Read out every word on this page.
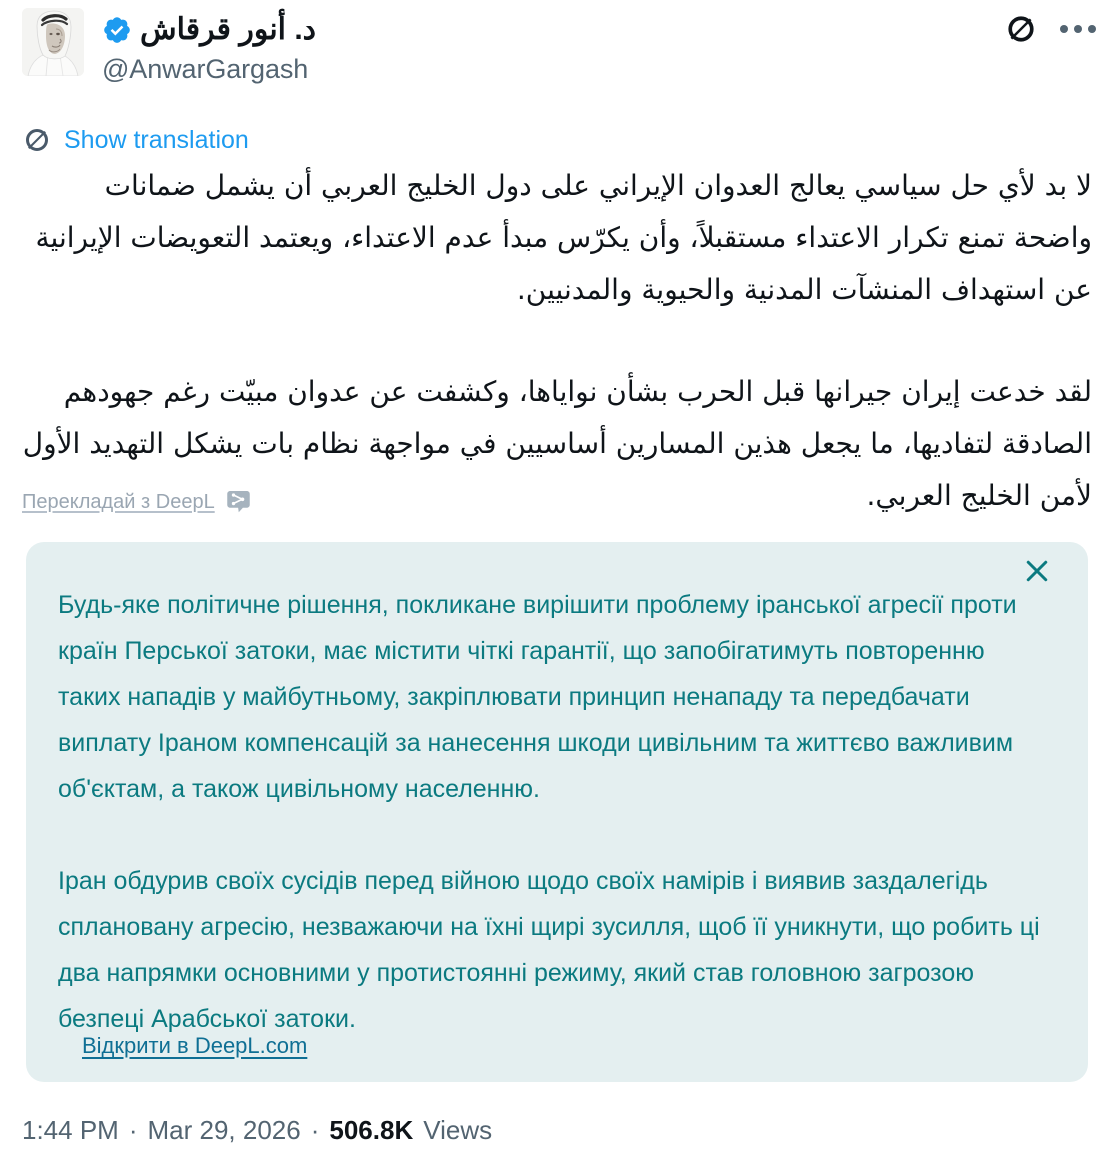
د. أنور قرقاش
@AnwarGargash
Show translation

لا بد لأي حل سياسي يعالج العدوان الإيراني على دول الخليج العربي أن يشمل ضمانات واضحة تمنع تكرار الاعتداء مستقبلاً، وأن يكرّس مبدأ عدم الاعتداء، ويعتمد التعويضات الإيرانية عن استهداف المنشآت المدنية والحيوية والمدنيين.

لقد خدعت إيران جيرانها قبل الحرب بشأن نواياها، وكشفت عن عدوان مبيّت رغم جهودهم الصادقة لتفاديها، ما يجعل هذين المسارين أساسيين في مواجهة نظام بات يشكل التهديد الأول لأمن الخليج العربي.

Перекладай з DeepL

Будь-яке політичне рішення, покликане вирішити проблему іранської агресії проти країн Перської затоки, має містити чіткі гарантії, що запобігатимуть повторенню таких нападів у майбутньому, закріплювати принцип ненападу та передбачати виплату Іраном компенсацій за нанесення шкоди цивільним та життєво важливим об'єктам, а також цивільному населенню.

Іран обдурив своїх сусідів перед війною щодо своїх намірів і виявив заздалегідь сплановану агресію, незважаючи на їхні щирі зусилля, щоб її уникнути, що робить ці два напрямки основними у протистоянні режиму, який став головною загрозою безпеці Арабської затоки.

Відкрити в DeepL.com
1:44 PM · Mar 29, 2026 · 506.8K Views
